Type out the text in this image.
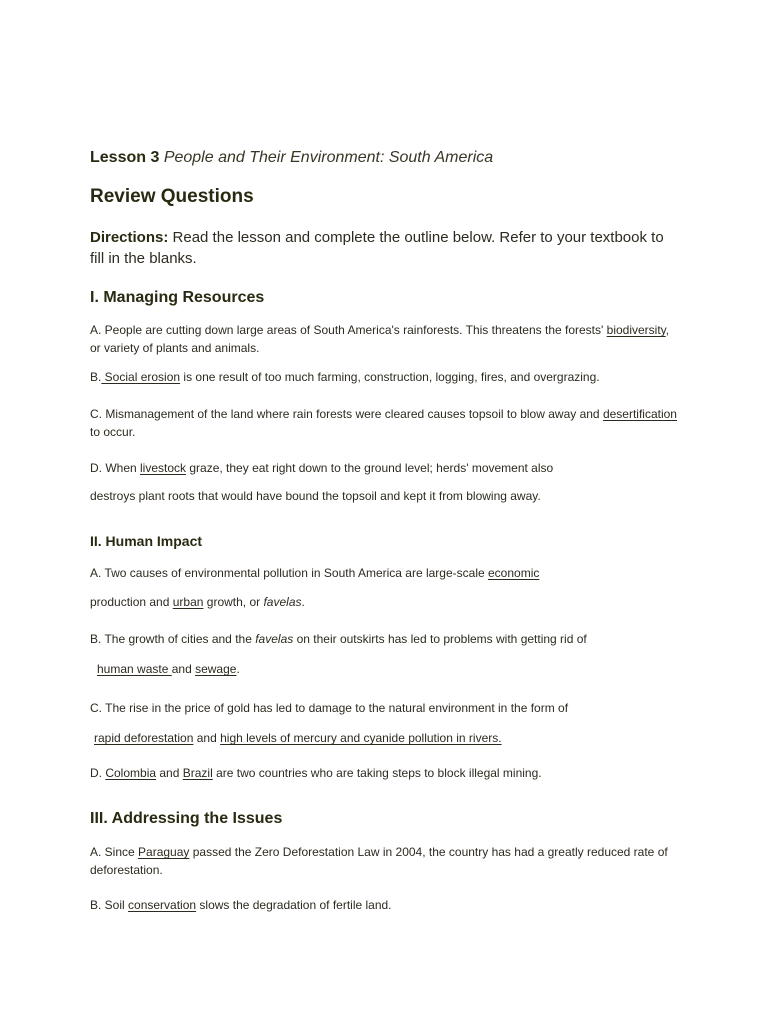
Lesson 3 People and Their Environment: South America
Review Questions
Directions: Read the lesson and complete the outline below. Refer to your textbook to fill in the blanks.
I. Managing Resources
A. People are cutting down large areas of South America's rainforests. This threatens the forests' biodiversity, or variety of plants and animals.
B. Social erosion is one result of too much farming, construction, logging, fires, and overgrazing.
C. Mismanagement of the land where rain forests were cleared causes topsoil to blow away and desertification to occur.
D. When livestock graze, they eat right down to the ground level; herds' movement also
destroys plant roots that would have bound the topsoil and kept it from blowing away.
II. Human Impact
A. Two causes of environmental pollution in South America are large-scale economic
production and urban growth, or favelas.
B. The growth of cities and the favelas on their outskirts has led to problems with getting rid of
human waste and sewage.
C. The rise in the price of gold has led to damage to the natural environment in the form of
rapid deforestation and high levels of mercury and cyanide pollution in rivers.
D. Colombia and Brazil are two countries who are taking steps to block illegal mining.
III. Addressing the Issues
A. Since Paraguay passed the Zero Deforestation Law in 2004, the country has had a greatly reduced rate of deforestation.
B. Soil conservation slows the degradation of fertile land.
